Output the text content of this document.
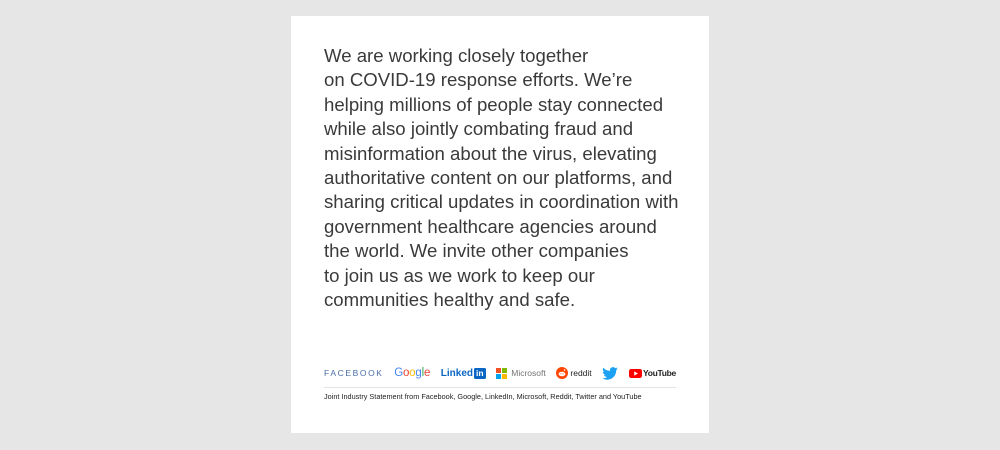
We are working closely together
on COVID-19 response efforts. We’re
helping millions of people stay connected
while also jointly combating fraud and
misinformation about the virus, elevating
authoritative content on our platforms, and
sharing critical updates in coordination with
government healthcare agencies around
the world. We invite other companies
to join us as we work to keep our
communities healthy and safe.

FACEBOOK G o o g l e Linked in	Microsoft	reddit	YouTube
Joint Industry Statement from Facebook, Google, LinkedIn, Microsoft, Reddit, Twitter and YouTube
